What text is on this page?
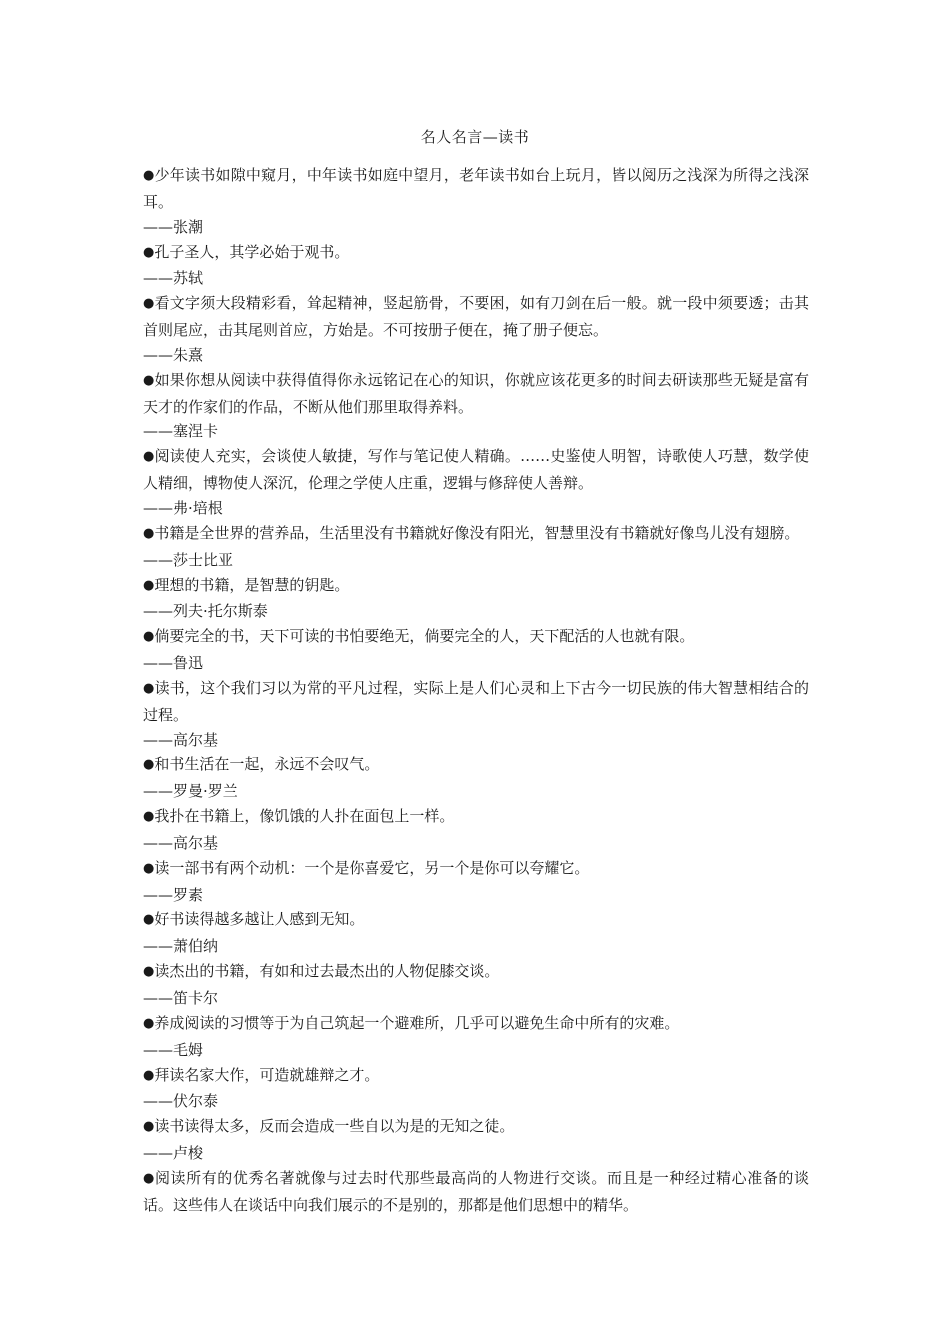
名人名言—读书

●少年读书如隙中窥月，中年读书如庭中望月，老年读书如台上玩月，皆以阅历之浅深为所得之浅深耳。

——张潮

●孔子圣人，其学必始于观书。

——苏轼

●看文字须大段精彩看，耸起精神，竖起筋骨，不要困，如有刀剑在后一般。就一段中须要透；击其首则尾应，击其尾则首应，方始是。不可按册子便在，掩了册子便忘。

——朱熹

●如果你想从阅读中获得值得你永远铭记在心的知识，你就应该花更多的时间去研读那些无疑是富有天才的作家们的作品，不断从他们那里取得养料。

——塞涅卡

●阅读使人充实，会谈使人敏捷，写作与笔记使人精确。……史鉴使人明智，诗歌使人巧慧，数学使人精细，博物使人深沉，伦理之学使人庄重，逻辑与修辞使人善辩。

——弗·培根

●书籍是全世界的营养品，生活里没有书籍就好像没有阳光，智慧里没有书籍就好像鸟儿没有翅膀。

——莎士比亚

●理想的书籍，是智慧的钥匙。

——列夫·托尔斯泰

●倘要完全的书，天下可读的书怕要绝无，倘要完全的人，天下配活的人也就有限。

——鲁迅

●读书，这个我们习以为常的平凡过程，实际上是人们心灵和上下古今一切民族的伟大智慧相结合的过程。

——高尔基

●和书生活在一起，永远不会叹气。

——罗曼·罗兰

●我扑在书籍上，像饥饿的人扑在面包上一样。

——高尔基

●读一部书有两个动机：一个是你喜爱它，另一个是你可以夸耀它。

——罗素

●好书读得越多越让人感到无知。

——萧伯纳

●读杰出的书籍，有如和过去最杰出的人物促膝交谈。

——笛卡尔

●养成阅读的习惯等于为自己筑起一个避难所，几乎可以避免生命中所有的灾难。

——毛姆

●拜读名家大作，可造就雄辩之才。

——伏尔泰

●读书读得太多，反而会造成一些自以为是的无知之徒。

——卢梭

●阅读所有的优秀名著就像与过去时代那些最高尚的人物进行交谈。而且是一种经过精心准备的谈话。这些伟人在谈话中向我们展示的不是别的，那都是他们思想中的精华。
